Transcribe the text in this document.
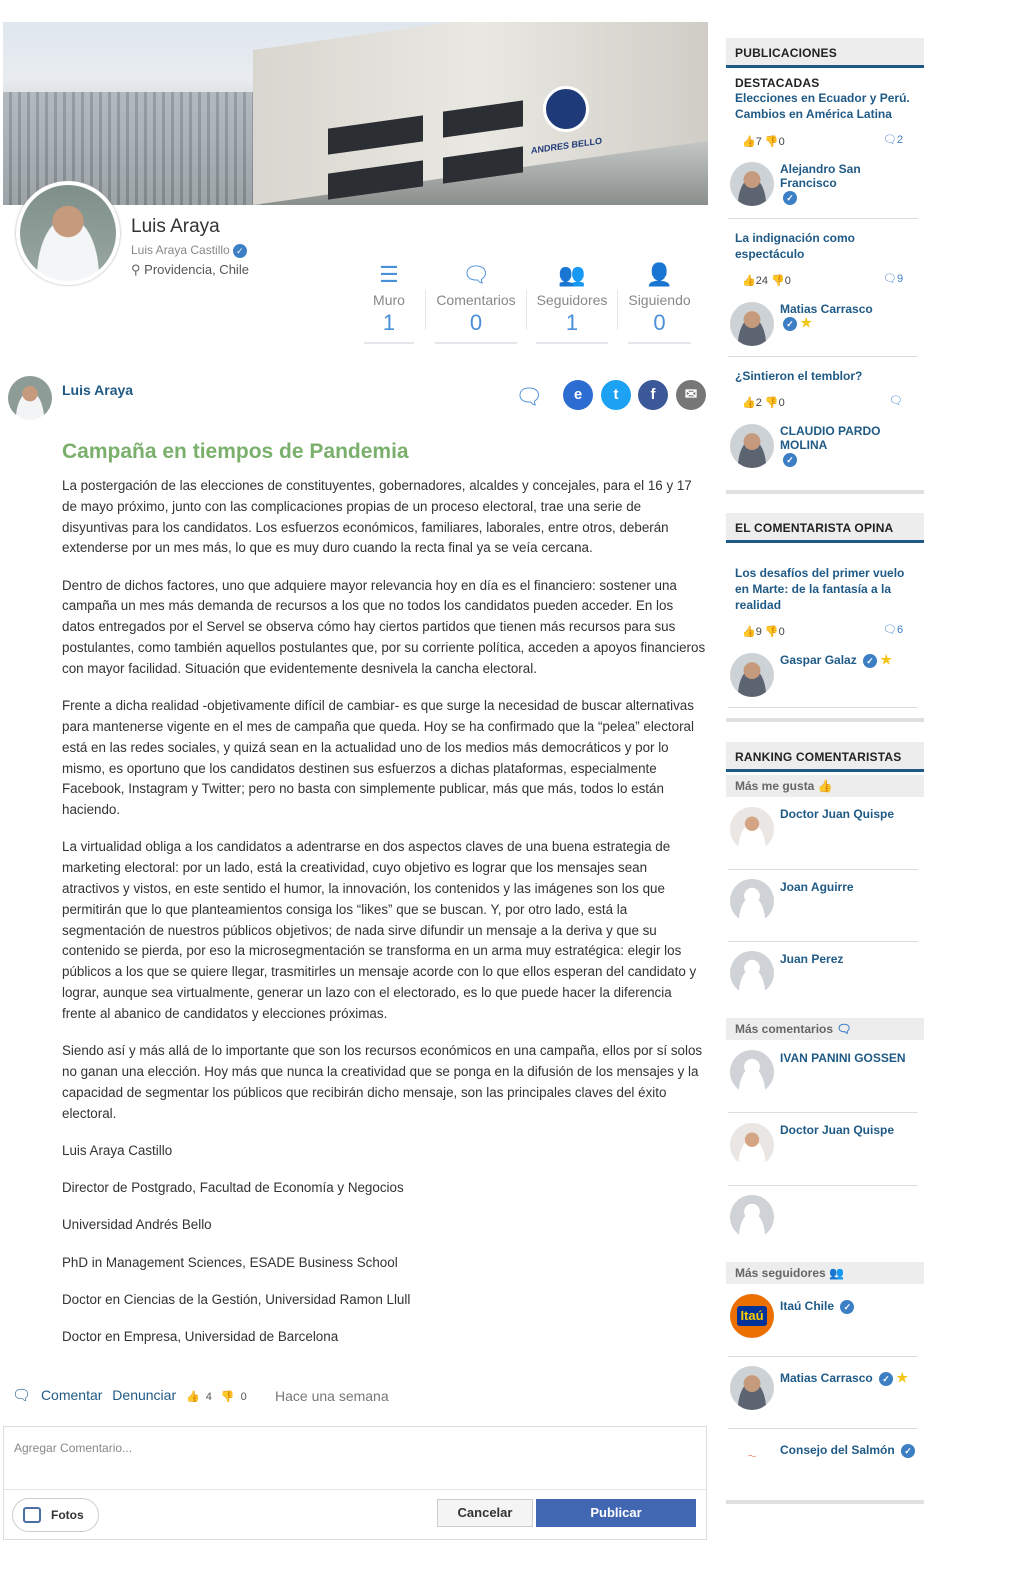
ANDRES BELLO
Luis Araya
Luis Araya Castillo ✓
⚲ Providencia, Chile	☰
Muro
1
🗨
Comentarios
0
👥
Seguidores
1
👤
Siguiendo
0
Luis Araya	🗨	e	t	f	✉
Campaña en tiempos de Pandemia

La postergación de las elecciones de constituyentes, gobernadores, alcaldes y concejales, para el 16 y 17 de mayo próximo, junto con las complicaciones propias de un proceso electoral, trae una serie de disyuntivas para los candidatos. Los esfuerzos económicos, familiares, laborales, entre otros, deberán extenderse por un mes más, lo que es muy duro cuando la recta final ya se veía cercana.

Dentro de dichos factores, uno que adquiere mayor relevancia hoy en día es el financiero: sostener una campaña un mes más demanda de recursos a los que no todos los candidatos pueden acceder. En los datos entregados por el Servel se observa cómo hay ciertos partidos que tienen más recursos para sus postulantes, como también aquellos postulantes que, por su corriente política, acceden a apoyos financieros con mayor facilidad. Situación que evidentemente desnivela la cancha electoral.

Frente a dicha realidad -objetivamente difícil de cambiar- es que surge la necesidad de buscar alternativas para mantenerse vigente en el mes de campaña que queda. Hoy se ha confirmado que la “pelea” electoral está en las redes sociales, y quizá sean en la actualidad uno de los medios más democráticos y por lo mismo, es oportuno que los candidatos destinen sus esfuerzos a dichas plataformas, especialmente Facebook, Instagram y Twitter; pero no basta con simplemente publicar, más que más, todos lo están haciendo.

La virtualidad obliga a los candidatos a adentrarse en dos aspectos claves de una buena estrategia de marketing electoral: por un lado, está la creatividad, cuyo objetivo es lograr que los mensajes sean atractivos y vistos, en este sentido el humor, la innovación, los contenidos y las imágenes son los que permitirán que lo que planteamientos consiga los “likes” que se buscan. Y, por otro lado, está la segmentación de nuestros públicos objetivos; de nada sirve difundir un mensaje a la deriva y que su contenido se pierda, por eso la microsegmentación se transforma en un arma muy estratégica: elegir los públicos a los que se quiere llegar, trasmitirles un mensaje acorde con lo que ellos esperan del candidato y lograr, aunque sea virtualmente, generar un lazo con el electorado, es lo que puede hacer la diferencia frente al abanico de candidatos y elecciones próximas.

Siendo así y más allá de lo importante que son los recursos económicos en una campaña, ellos por sí solos no ganan una elección. Hoy más que nunca la creatividad que se ponga en la difusión de los mensajes y la capacidad de segmentar los públicos que recibirán dicho mensaje, son las principales claves del éxito electoral.

Luis Araya Castillo
Director de Postgrado, Facultad de Economía y Negocios
Universidad Andrés Bello
PhD in Management Sciences, ESADE Business School
Doctor en Ciencias de la Gestión, Universidad Ramon Llull
Doctor en Empresa, Universidad de Barcelona
🗨 Comentar Denunciar 👍 4 👎 0	Hace una semana
Agregar Comentario...
Fotos	Cancelar	Publicar
PUBLICACIONES DESTACADAS
Elecciones en Ecuador y Perú. Cambios en América Latina
👍7 👎0	🗨2
Alejandro San Francisco
✓
La indignación como espectáculo
👍24 👎0	🗨9
Matias Carrasco
✓ ★
¿Sintieron el temblor?
👍2 👎0	🗨
CLAUDIO PARDO MOLINA
✓
EL COMENTARISTA OPINA
Los desafíos del primer vuelo en Marte: de la fantasía a la realidad
👍9 👎0	🗨6
Gaspar Galaz ✓ ★
RANKING COMENTARISTAS
Más me gusta 👍
Doctor Juan Quispe
Joan Aguirre
Juan Perez
Más comentarios 🗨
IVAN PANINI GOSSEN
Doctor Juan Quispe
Más seguidores 👥
Itaú
Itaú Chile ✓
Matias Carrasco ✓ ★
〜
Consejo del Salmón ✓
